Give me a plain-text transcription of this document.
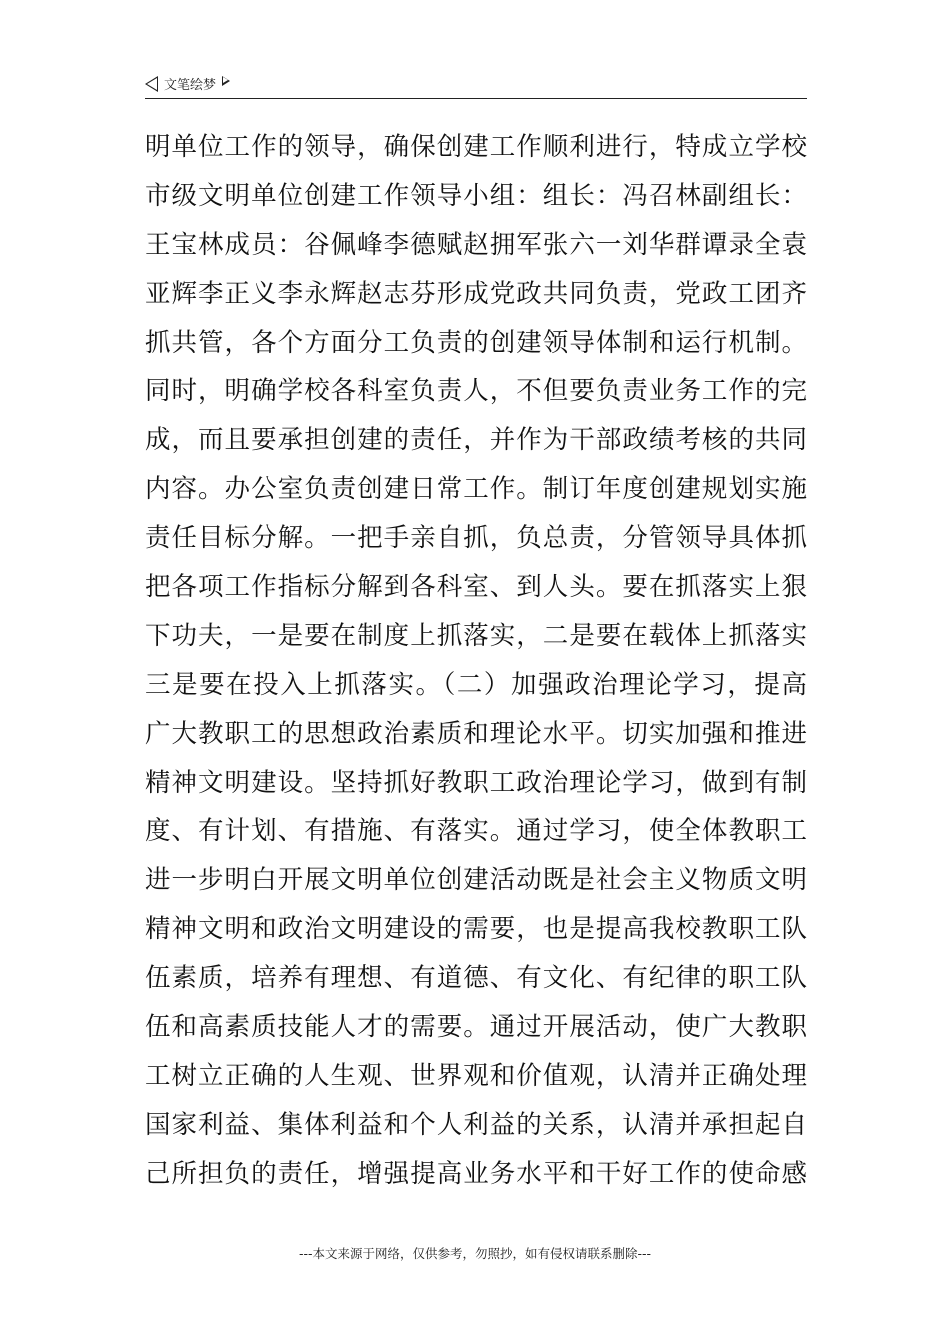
文笔绘梦
明单位工作的领导，确保创建工作顺利进行，特成立学校
市级文明单位创建工作领导小组：组长：冯召林副组长：
王宝林成员：谷佩峰李德赋赵拥军张六一刘华群谭录全袁
亚辉李正义李永辉赵志芬形成党政共同负责，党政工团齐
抓共管，各个方面分工负责的创建领导体制和运行机制。
同时，明确学校各科室负责人，不但要负责业务工作的完
成，而且要承担创建的责任，并作为干部政绩考核的共同
内容。办公室负责创建日常工作。制订年度创建规划实施
责任目标分解。一把手亲自抓，负总责，分管领导具体抓
把各项工作指标分解到各科室、到人头。要在抓落实上狠
下功夫，一是要在制度上抓落实，二是要在载体上抓落实
三是要在投入上抓落实。（二）加强政治理论学习，提高
广大教职工的思想政治素质和理论水平。切实加强和推进
精神文明建设。坚持抓好教职工政治理论学习，做到有制
度、有计划、有措施、有落实。通过学习，使全体教职工
进一步明白开展文明单位创建活动既是社会主义物质文明
精神文明和政治文明建设的需要，也是提高我校教职工队
伍素质，培养有理想、有道德、有文化、有纪律的职工队
伍和高素质技能人才的需要。通过开展活动，使广大教职
工树立正确的人生观、世界观和价值观，认清并正确处理
国家利益、集体利益和个人利益的关系，认清并承担起自
己所担负的责任，增强提高业务水平和干好工作的使命感
---本文来源于网络，仅供参考，勿照抄，如有侵权请联系删除---
